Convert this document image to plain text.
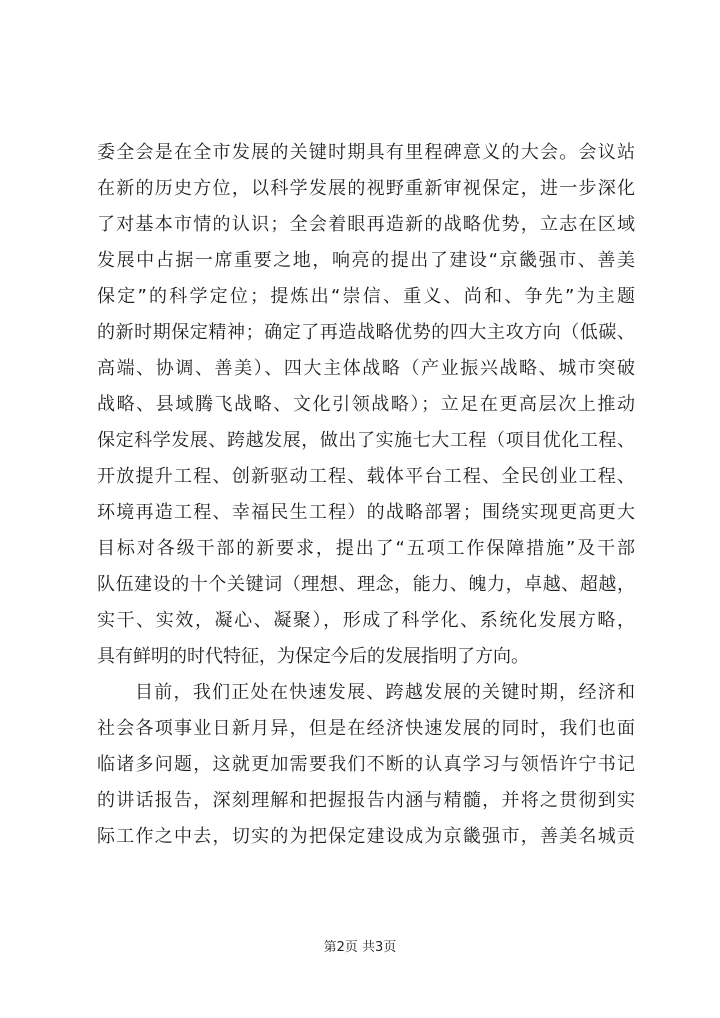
委全会是在全市发展的关键时期具有里程碑意义的大会。会议站
在新的历史方位，以科学发展的视野重新审视保定，进一步深化
了对基本市情的认识；全会着眼再造新的战略优势，立志在区域
发展中占据一席重要之地，响亮的提出了建设“京畿强市、善美
保定”的科学定位；提炼出“崇信、重义、尚和、争先”为主题
的新时期保定精神；确定了再造战略优势的四大主攻方向（低碳、
高端、协调、善美）、四大主体战略（产业振兴战略、城市突破
战略、县域腾飞战略、文化引领战略）；立足在更高层次上推动
保定科学发展、跨越发展，做出了实施七大工程（项目优化工程、
开放提升工程、创新驱动工程、载体平台工程、全民创业工程、
环境再造工程、幸福民生工程）的战略部署；围绕实现更高更大
目标对各级干部的新要求，提出了“五项工作保障措施”及干部
队伍建设的十个关键词（理想、理念，能力、魄力，卓越、超越，
实干、实效，凝心、凝聚），形成了科学化、系统化发展方略，
具有鲜明的时代特征，为保定今后的发展指明了方向。
目前，我们正处在快速发展、跨越发展的关键时期，经济和
社会各项事业日新月异，但是在经济快速发展的同时，我们也面
临诸多问题，这就更加需要我们不断的认真学习与领悟许宁书记
的讲话报告，深刻理解和把握报告内涵与精髓，并将之贯彻到实
际工作之中去，切实的为把保定建设成为京畿强市，善美名城贡
第2页 共3页
